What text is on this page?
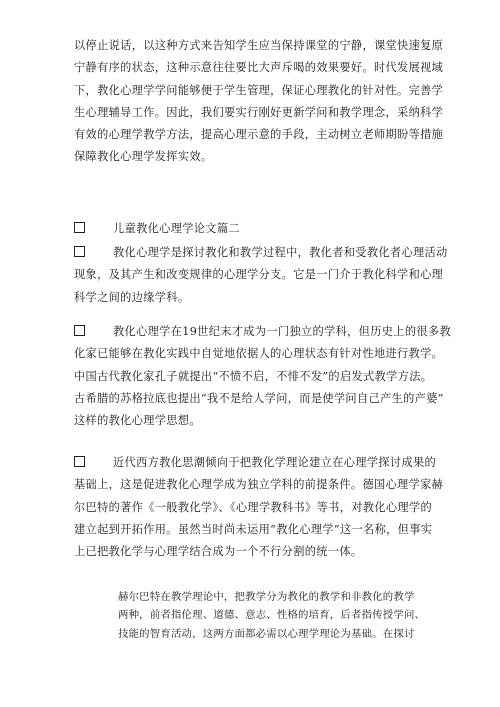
以停止说话，以这种方式来告知学生应当保持课堂的宁静，课堂快速复原
宁静有序的状态，这种示意往往要比大声斥喝的效果要好。时代发展视域
下，教化心理学学问能够便于学生管理，保证心理教化的针对性。完善学
生心理辅导工作。因此，我们要实行刚好更新学问和教学理念，采纳科学
有效的心理学教学方法，提高心理示意的手段，主动树立老师期盼等措施
保障教化心理学发挥实效。

儿童教化心理学论文篇二

教化心理学是探讨教化和教学过程中，教化者和受教化者心理活动
现象，及其产生和改变规律的心理学分支。它是一门介于教化科学和心理
科学之间的边缘学科。

教化心理学在19世纪末才成为一门独立的学科，但历史上的很多教
化家已能够在教化实践中自觉地依据人的心理状态有针对性地进行教学。
中国古代教化家孔子就提出“不愤不启，不悱不发”的启发式教学方法。
古希腊的苏格拉底也提出“我不是给人学问，而是使学问自己产生的产婆”
这样的教化心理学思想。

近代西方教化思潮倾向于把教化学理论建立在心理学探讨成果的
基础上，这是促进教化心理学成为独立学科的前提条件。德国心理学家赫
尔巴特的著作《一般教化学》、《心理学教科书》等书，对教化心理学的
建立起到开拓作用。虽然当时尚未运用“教化心理学”这一名称，但事实
上已把教化学与心理学结合成为一个不行分割的统一体。

赫尔巴特在教学理论中，把教学分为教化的教学和非教化的教学
两种，前者指伦理、道德、意志、性格的培育，后者指传授学问、
技能的智育活动，这两方面都必需以心理学理论为基础。在探讨
